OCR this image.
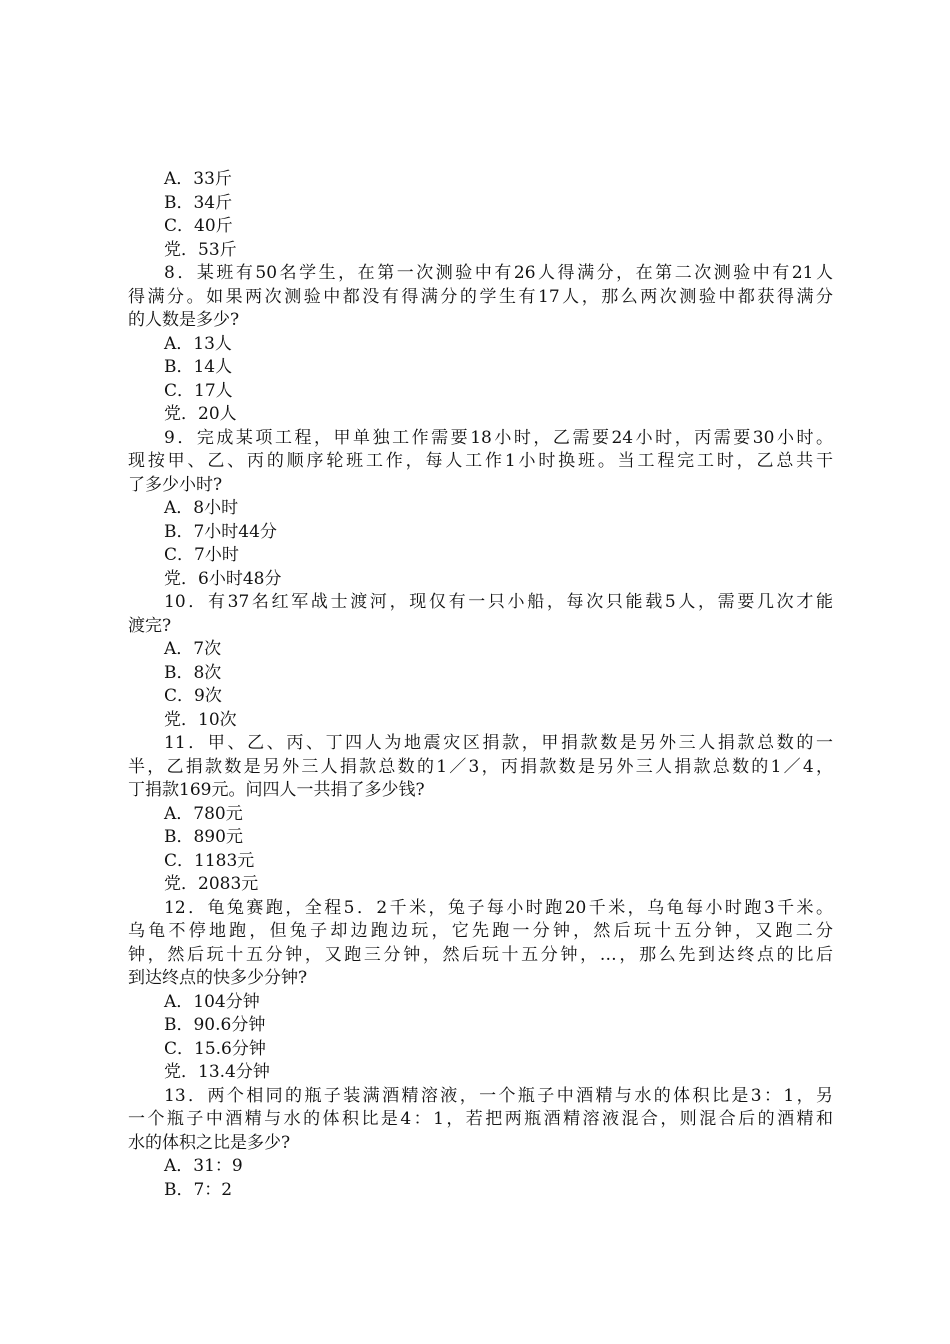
A．33斤
B．34斤
C．40斤
党．53斤
8．某班有50名学生，在第一次测验中有26人得满分，在第二次测验中有21人
得满分。如果两次测验中都没有得满分的学生有17人，那么两次测验中都获得满分
的人数是多少?
A．13人
B．14人
C．17人
党．20人
9．完成某项工程，甲单独工作需要18小时，乙需要24小时，丙需要30小时。
现按甲、乙、丙的顺序轮班工作，每人工作1小时换班。当工程完工时，乙总共干
了多少小时?
A．8小时
B．7小时44分
C．7小时
党．6小时48分
10．有37名红军战士渡河，现仅有一只小船，每次只能载5人，需要几次才能
渡完?
A．7次
B．8次
C．9次
党．10次
11．甲、乙、丙、丁四人为地震灾区捐款，甲捐款数是另外三人捐款总数的一
半，乙捐款数是另外三人捐款总数的1／3，丙捐款数是另外三人捐款总数的1／4，
丁捐款169元。问四人一共捐了多少钱?
A．780元
B．890元
C．1183元
党．2083元
12．龟兔赛跑，全程5．2千米，兔子每小时跑20千米，乌龟每小时跑3千米。
乌龟不停地跑，但兔子却边跑边玩，它先跑一分钟，然后玩十五分钟，又跑二分
钟，然后玩十五分钟，又跑三分钟，然后玩十五分钟，…，那么先到达终点的比后
到达终点的快多少分钟?
A．104分钟
B．90.6分钟
C．15.6分钟
党．13.4分钟
13．两个相同的瓶子装满酒精溶液，一个瓶子中酒精与水的体积比是3：1，另
一个瓶子中酒精与水的体积比是4：1，若把两瓶酒精溶液混合，则混合后的酒精和
水的体积之比是多少?
A．31：9
B．7：2
